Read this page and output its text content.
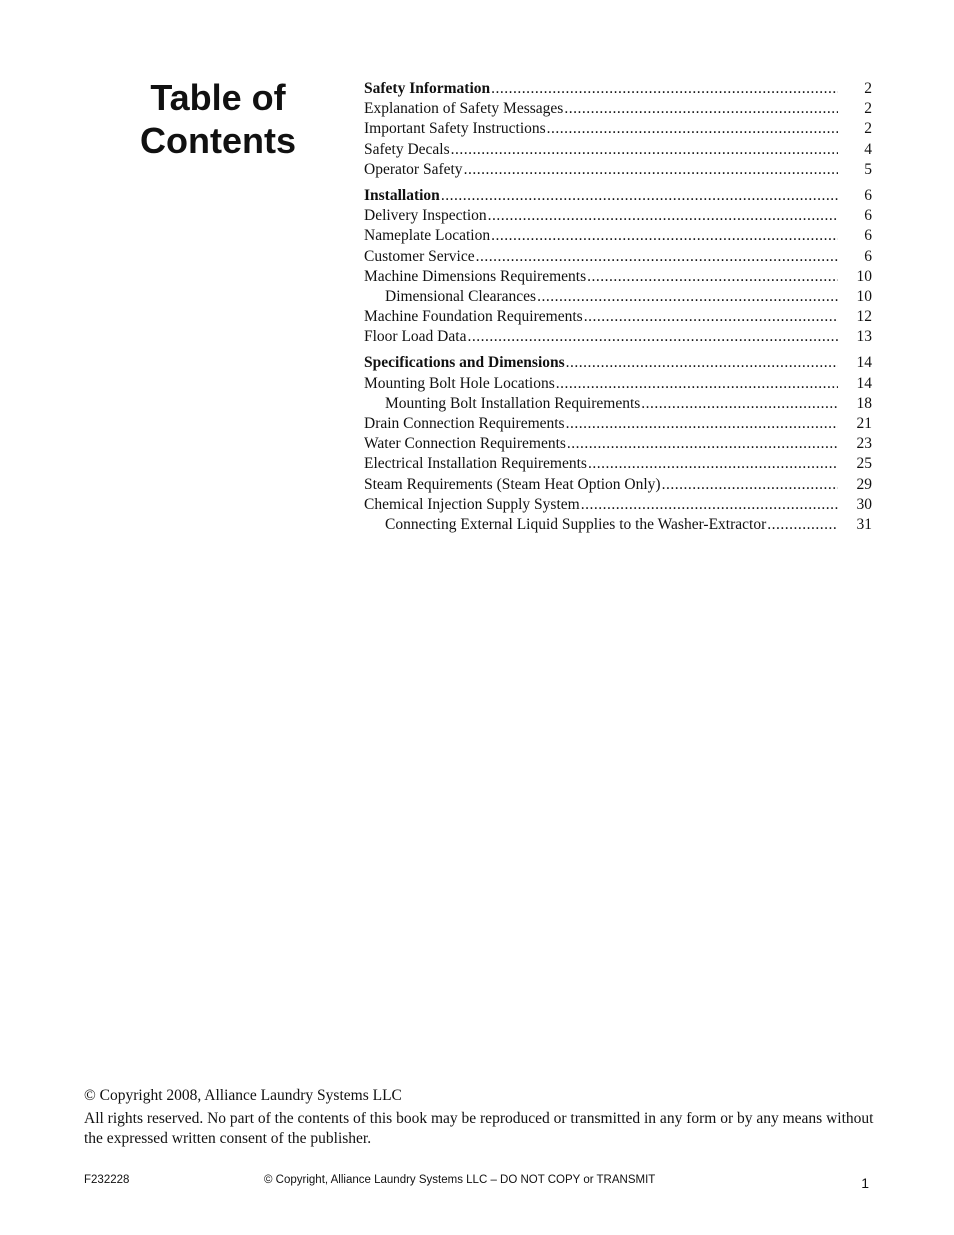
Table of
Contents
Safety Information .....	2
Explanation of Safety Messages .....	2
Important Safety Instructions .....	2
Safety Decals .....	4
Operator Safety .....	5
Installation .....	6
Delivery Inspection .....	6
Nameplate Location .....	6
Customer Service .....	6
Machine Dimensions Requirements .....	10
Dimensional Clearances .....	10
Machine Foundation Requirements .....	12
Floor Load Data .....	13
Specifications and Dimensions .....	14
Mounting Bolt Hole Locations .....	14
Mounting Bolt Installation Requirements .....	18
Drain Connection Requirements .....	21
Water Connection Requirements .....	23
Electrical Installation Requirements .....	25
Steam Requirements (Steam Heat Option Only) .....	29
Chemical Injection Supply System .....	30
Connecting External Liquid Supplies to the Washer-Extractor .....	31

© Copyright 2008, Alliance Laundry Systems LLC

All rights reserved. No part of the contents of this book may be reproduced or transmitted in any form or by any means without the expressed written consent of the publisher.

F232228	© Copyright, Alliance Laundry Systems LLC – DO NOT COPY or TRANSMIT	1
